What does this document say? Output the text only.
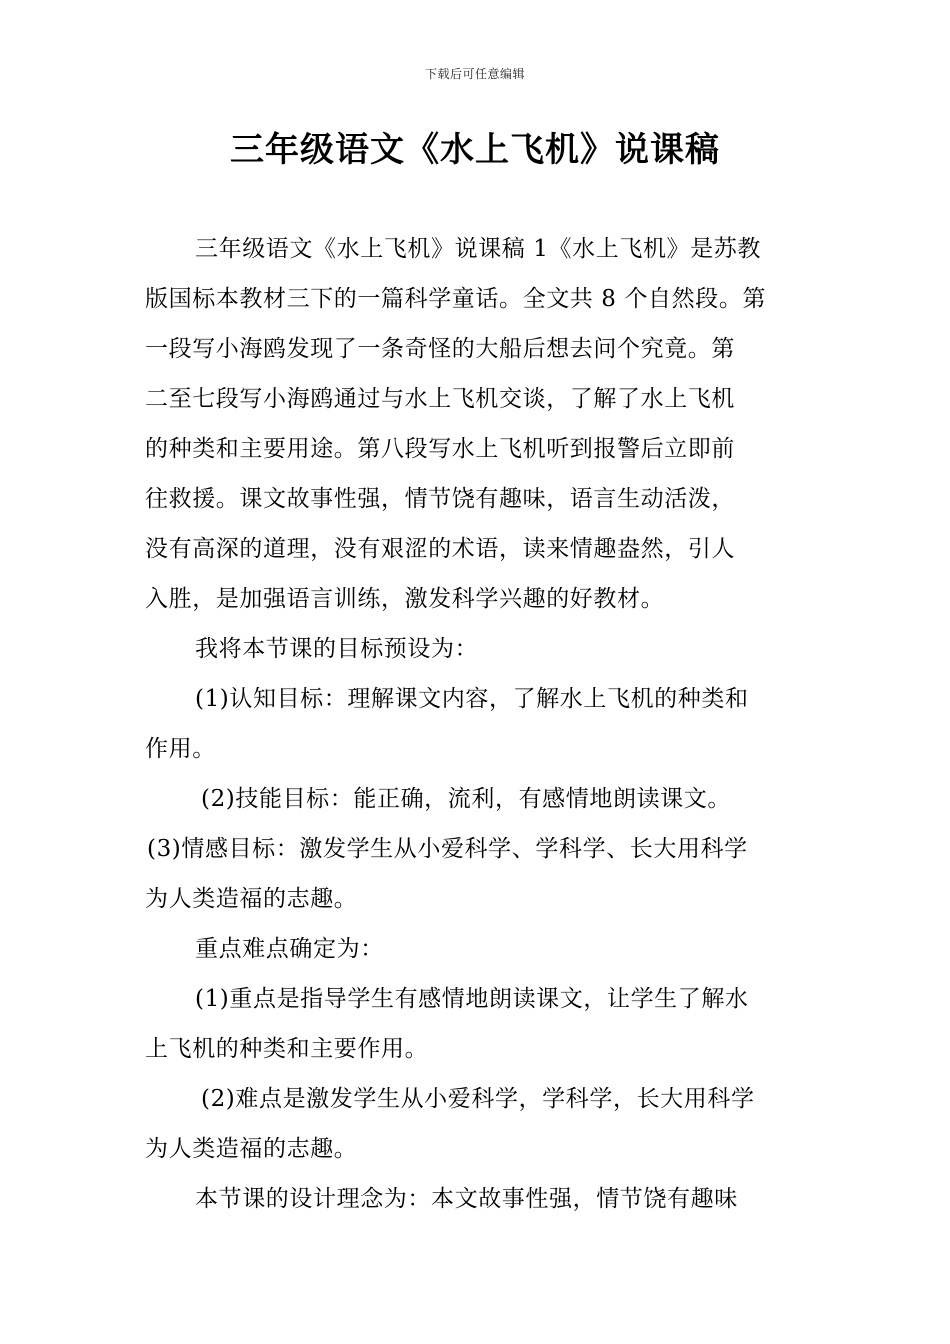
下载后可任意编辑
三年级语文《水上飞机》说课稿
三年级语文《水上飞机》说课稿 1《水上飞机》是苏教
版国标本教材三下的一篇科学童话。全文共 8 个自然段。第
一段写小海鸥发现了一条奇怪的大船后想去问个究竟。第
二至七段写小海鸥通过与水上飞机交谈，了解了水上飞机
的种类和主要用途。第八段写水上飞机听到报警后立即前
往救援。课文故事性强，情节饶有趣味，语言生动活泼，
没有高深的道理，没有艰涩的术语，读来情趣盎然，引人
入胜，是加强语言训练，激发科学兴趣的好教材。
我将本节课的目标预设为：
(1)认知目标：理解课文内容，了解水上飞机的种类和
作用。
(2)技能目标：能正确，流利，有感情地朗读课文。
(3)情感目标：激发学生从小爱科学、学科学、长大用科学
为人类造福的志趣。
重点难点确定为：
(1)重点是指导学生有感情地朗读课文，让学生了解水
上飞机的种类和主要作用。
(2)难点是激发学生从小爱科学，学科学，长大用科学
为人类造福的志趣。
本节课的设计理念为：本文故事性强，情节饶有趣味
